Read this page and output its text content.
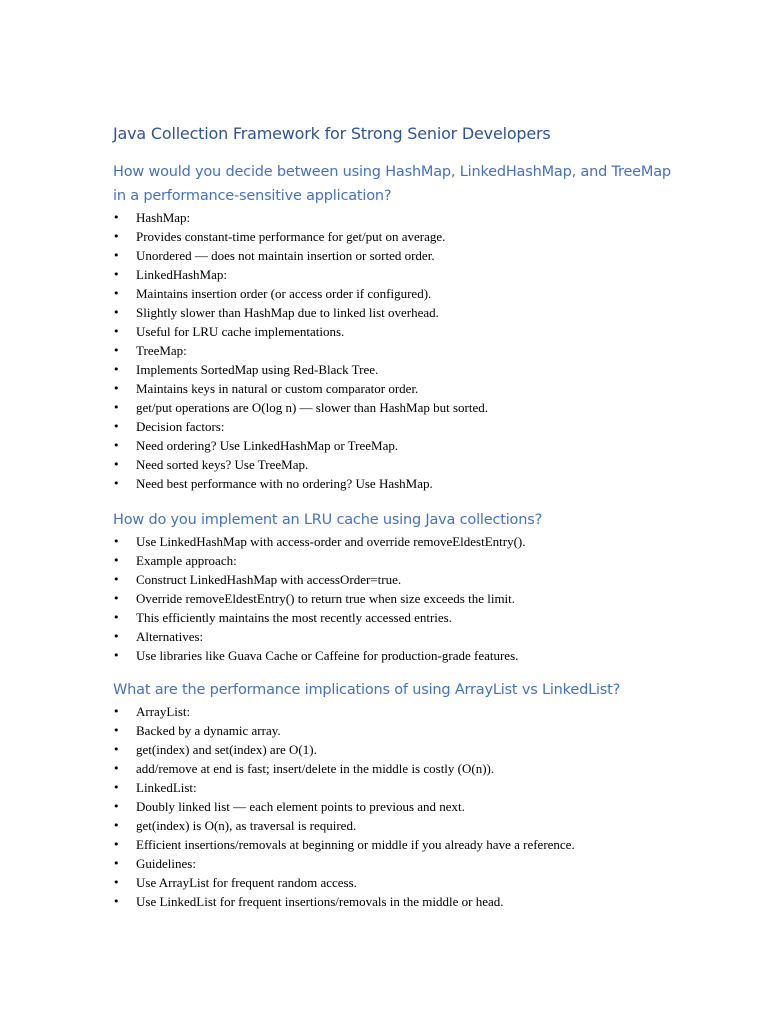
Java Collection Framework for Strong Senior Developers
How would you decide between using HashMap, LinkedHashMap, and TreeMap
in a performance-sensitive application?
• HashMap:
• Provides constant-time performance for get/put on average.
• Unordered — does not maintain insertion or sorted order.
• LinkedHashMap:
• Maintains insertion order (or access order if configured).
• Slightly slower than HashMap due to linked list overhead.
• Useful for LRU cache implementations.
• TreeMap:
• Implements SortedMap using Red-Black Tree.
• Maintains keys in natural or custom comparator order.
• get/put operations are O(log n) — slower than HashMap but sorted.
• Decision factors:
• Need ordering? Use LinkedHashMap or TreeMap.
• Need sorted keys? Use TreeMap.
• Need best performance with no ordering? Use HashMap.
How do you implement an LRU cache using Java collections?
• Use LinkedHashMap with access-order and override removeEldestEntry().
• Example approach:
• Construct LinkedHashMap with accessOrder=true.
• Override removeEldestEntry() to return true when size exceeds the limit.
• This efficiently maintains the most recently accessed entries.
• Alternatives:
• Use libraries like Guava Cache or Caffeine for production-grade features.
What are the performance implications of using ArrayList vs LinkedList?
• ArrayList:
• Backed by a dynamic array.
• get(index) and set(index) are O(1).
• add/remove at end is fast; insert/delete in the middle is costly (O(n)).
• LinkedList:
• Doubly linked list — each element points to previous and next.
• get(index) is O(n), as traversal is required.
• Efficient insertions/removals at beginning or middle if you already have a reference.
• Guidelines:
• Use ArrayList for frequent random access.
• Use LinkedList for frequent insertions/removals in the middle or head.
